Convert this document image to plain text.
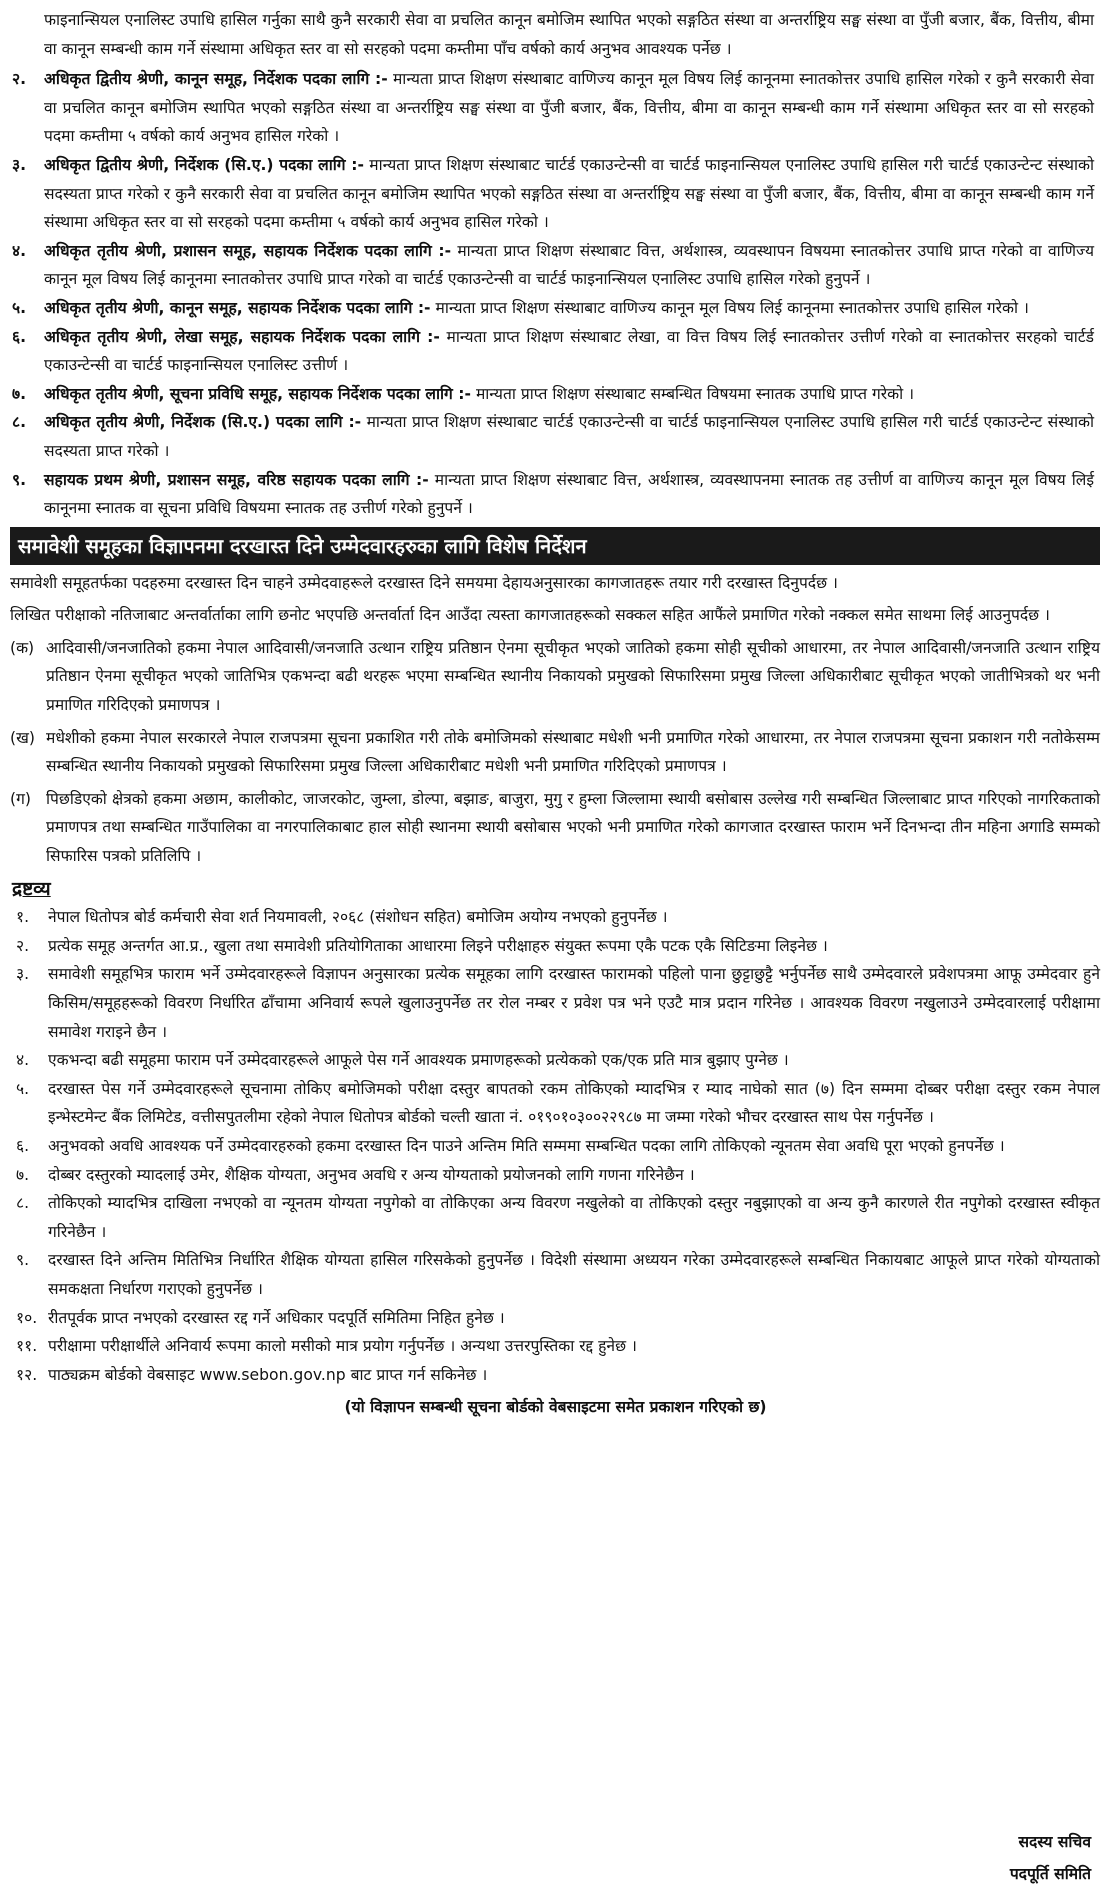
फाइनान्सियल एनालिस्ट उपाधि हासिल गर्नुका साथै कुनै सरकारी सेवा वा प्रचलित कानून बमोजिम स्थापित भएको सङ्गठित संस्था वा अन्तर्राष्ट्रिय सङ्घ संस्था वा पुँजी बजार, बैंक, वित्तीय, बीमा वा कानून सम्बन्धी काम गर्ने संस्थामा अधिकृत स्तर वा सो सरहको पदमा कम्तीमा पाँच वर्षको कार्य अनुभव आवश्यक पर्नेछ ।
२.	अधिकृत द्वितीय श्रेणी, कानून समूह, निर्देशक पदका लागि :- मान्यता प्राप्त शिक्षण संस्थाबाट वाणिज्य कानून मूल विषय लिई कानूनमा स्नातकोत्तर उपाधि हासिल गरेको र कुनै सरकारी सेवा वा प्रचलित कानून बमोजिम स्थापित भएको सङ्गठित संस्था वा अन्तर्राष्ट्रिय सङ्घ संस्था वा पुँजी बजार, बैंक, वित्तीय, बीमा वा कानून सम्बन्धी काम गर्ने संस्थामा अधिकृत स्तर वा सो सरहको पदमा कम्तीमा ५ वर्षको कार्य अनुभव हासिल गरेको ।
३.	अधिकृत द्वितीय श्रेणी, निर्देशक (सि.ए.) पदका लागि :- मान्यता प्राप्त शिक्षण संस्थाबाट चार्टर्ड एकाउन्टेन्सी वा चार्टर्ड फाइनान्सियल एनालिस्ट उपाधि हासिल गरी चार्टर्ड एकाउन्टेन्ट संस्थाको सदस्यता प्राप्त गरेको र कुनै सरकारी सेवा वा प्रचलित कानून बमोजिम स्थापित भएको सङ्गठित संस्था वा अन्तर्राष्ट्रिय सङ्घ संस्था वा पुँजी बजार, बैंक, वित्तीय, बीमा वा कानून सम्बन्धी काम गर्ने संस्थामा अधिकृत स्तर वा सो सरहको पदमा कम्तीमा ५ वर्षको कार्य अनुभव हासिल गरेको ।
४.	अधिकृत तृतीय श्रेणी, प्रशासन समूह, सहायक निर्देशक पदका लागि :- मान्यता प्राप्त शिक्षण संस्थाबाट वित्त, अर्थशास्त्र, व्यवस्थापन विषयमा स्नातकोत्तर उपाधि प्राप्त गरेको वा वाणिज्य कानून मूल विषय लिई कानूनमा स्नातकोत्तर उपाधि प्राप्त गरेको वा चार्टर्ड एकाउन्टेन्सी वा चार्टर्ड फाइनान्सियल एनालिस्ट उपाधि हासिल गरेको हुनुपर्ने ।
५.	अधिकृत तृतीय श्रेणी, कानून समूह, सहायक निर्देशक पदका लागि :- मान्यता प्राप्त शिक्षण संस्थाबाट वाणिज्य कानून मूल विषय लिई कानूनमा स्नातकोत्तर उपाधि हासिल गरेको ।
६.	अधिकृत तृतीय श्रेणी, लेखा समूह, सहायक निर्देशक पदका लागि :- मान्यता प्राप्त शिक्षण संस्थाबाट लेखा, वा वित्त विषय लिई स्नातकोत्तर उत्तीर्ण गरेको वा स्नातकोत्तर सरहको चार्टर्ड एकाउन्टेन्सी वा चार्टर्ड फाइनान्सियल एनालिस्ट उत्तीर्ण ।
७.	अधिकृत तृतीय श्रेणी, सूचना प्रविधि समूह, सहायक निर्देशक पदका लागि :- मान्यता प्राप्त शिक्षण संस्थाबाट सम्बन्धित विषयमा स्नातक उपाधि प्राप्त गरेको ।
८.	अधिकृत तृतीय श्रेणी, निर्देशक (सि.ए.) पदका लागि :- मान्यता प्राप्त शिक्षण संस्थाबाट चार्टर्ड एकाउन्टेन्सी वा चार्टर्ड फाइनान्सियल एनालिस्ट उपाधि हासिल गरी चार्टर्ड एकाउन्टेन्ट संस्थाको सदस्यता प्राप्त गरेको ।
९.	सहायक प्रथम श्रेणी, प्रशासन समूह, वरिष्ठ सहायक पदका लागि :- मान्यता प्राप्त शिक्षण संस्थाबाट वित्त, अर्थशास्त्र, व्यवस्थापनमा स्नातक तह उत्तीर्ण वा वाणिज्य कानून मूल विषय लिई कानूनमा स्नातक वा सूचना प्रविधि विषयमा स्नातक तह उत्तीर्ण गरेको हुनुपर्ने ।
समावेशी समूहका विज्ञापनमा दरखास्त दिने उम्मेदवारहरुका लागि विशेष निर्देशन
समावेशी समूहतर्फका पदहरुमा दरखास्त दिन चाहने उम्मेदवाहरूले दरखास्त दिने समयमा देहायअनुसारका कागजातहरू तयार गरी दरखास्त दिनुपर्दछ ।
लिखित परीक्षाको नतिजाबाट अन्तर्वार्ताका लागि छनोट भएपछि अन्तर्वार्ता दिन आउँदा त्यस्ता कागजातहरूको सक्कल सहित आफैंले प्रमाणित गरेको नक्कल समेत साथमा लिई आउनुपर्दछ ।
(क) आदिवासी/जनजातिको हकमा नेपाल आदिवासी/जनजाति उत्थान राष्ट्रिय प्रतिष्ठान ऐनमा सूचीकृत भएको जातिको हकमा सोही सूचीको आधारमा, तर नेपाल आदिवासी/जनजाति उत्थान राष्ट्रिय प्रतिष्ठान ऐनमा सूचीकृत भएको जातिभित्र एकभन्दा बढी थरहरू भएमा सम्बन्धित स्थानीय निकायको प्रमुखको सिफारिसमा प्रमुख जिल्ला अधिकारीबाट सूचीकृत भएको जातीभित्रको थर भनी प्रमाणित गरिदिएको प्रमाणपत्र ।
(ख) मधेशीको हकमा नेपाल सरकारले नेपाल राजपत्रमा सूचना प्रकाशित गरी तोके बमोजिमको संस्थाबाट मधेशी भनी प्रमाणित गरेको आधारमा, तर नेपाल राजपत्रमा सूचना प्रकाशन गरी नतोकेसम्म सम्बन्धित स्थानीय निकायको प्रमुखको सिफारिसमा प्रमुख जिल्ला अधिकारीबाट मधेशी भनी प्रमाणित गरिदिएको प्रमाणपत्र ।
(ग) पिछडिएको क्षेत्रको हकमा अछाम, कालीकोट, जाजरकोट, जुम्ला, डोल्पा, बझाङ, बाजुरा, मुगु र हुम्ला जिल्लामा स्थायी बसोबास उल्लेख गरी सम्बन्धित जिल्लाबाट प्राप्त गरिएको नागरिकताको प्रमाणपत्र तथा सम्बन्धित गाउँपालिका वा नगरपालिकाबाट हाल सोही स्थानमा स्थायी बसोबास भएको भनी प्रमाणित गरेको कागजात दरखास्त फाराम भर्ने दिनभन्दा तीन महिना अगाडि सम्मको सिफारिस पत्रको प्रतिलिपि ।
द्रष्टव्य
१.	नेपाल धितोपत्र बोर्ड कर्मचारी सेवा शर्त नियमावली, २०६८ (संशोधन सहित) बमोजिम अयोग्य नभएको हुनुपर्नेछ ।
२.	प्रत्येक समूह अन्तर्गत आ.प्र., खुला तथा समावेशी प्रतियोगिताका आधारमा लिइने परीक्षाहरु संयुक्त रूपमा एकै पटक एकै सिटिङमा लिइनेछ ।
३.	समावेशी समूहभित्र फाराम भर्ने उम्मेदवारहरूले विज्ञापन अनुसारका प्रत्येक समूहका लागि दरखास्त फारामको पहिलो पाना छुट्टाछुट्टै भर्नुपर्नेछ साथै उम्मेदवारले प्रवेशपत्रमा आफू उम्मेदवार हुने किसिम/समूहहरूको विवरण निर्धारित ढाँचामा अनिवार्य रूपले खुलाउनुपर्नेछ तर रोल नम्बर र प्रवेश पत्र भने एउटै मात्र प्रदान गरिनेछ । आवश्यक विवरण नखुलाउने उम्मेदवारलाई परीक्षामा समावेश गराइने छैन ।
४.	एकभन्दा बढी समूहमा फाराम पर्ने उम्मेदवारहरूले आफूले पेस गर्ने आवश्यक प्रमाणहरूको प्रत्येकको एक/एक प्रति मात्र बुझाए पुग्नेछ ।
५.	दरखास्त पेस गर्ने उम्मेदवारहरूले सूचनामा तोकिए बमोजिमको परीक्षा दस्तुर बापतको रकम तोकिएको म्यादभित्र र म्याद नाघेको सात (७) दिन सम्ममा दोब्बर परीक्षा दस्तुर रकम नेपाल इन्भेस्टमेन्ट बैंक लिमिटेड, वत्तीसपुतलीमा रहेको नेपाल धितोपत्र बोर्डको चल्ती खाता नं. ०१९०१०३००२२९८७ मा जम्मा गरेको भौचर दरखास्त साथ पेस गर्नुपर्नेछ ।
६.	अनुभवको अवधि आवश्यक पर्ने उम्मेदवारहरुको हकमा दरखास्त दिन पाउने अन्तिम मिति सम्ममा सम्बन्धित पदका लागि तोकिएको न्यूनतम सेवा अवधि पूरा भएको हुनपर्नेछ ।
७.	दोब्बर दस्तुरको म्यादलाई उमेर, शैक्षिक योग्यता, अनुभव अवधि र अन्य योग्यताको प्रयोजनको लागि गणना गरिनेछैन ।
८.	तोकिएको म्यादभित्र दाखिला नभएको वा न्यूनतम योग्यता नपुगेको वा तोकिएका अन्य विवरण नखुलेको वा तोकिएको दस्तुर नबुझाएको वा अन्य कुनै कारणले रीत नपुगेको दरखास्त स्वीकृत गरिनेछैन ।
९.	दरखास्त दिने अन्तिम मितिभित्र निर्धारित शैक्षिक योग्यता हासिल गरिसकेको हुनुपर्नेछ । विदेशी संस्थामा अध्ययन गरेका उम्मेदवारहरूले सम्बन्धित निकायबाट आफूले प्राप्त गरेको योग्यताको समकक्षता निर्धारण गराएको हुनुपर्नेछ ।
१०. रीतपूर्वक प्राप्त नभएको दरखास्त रद्द गर्ने अधिकार पदपूर्ति समितिमा निहित हुनेछ ।
११. परीक्षामा परीक्षार्थीले अनिवार्य रूपमा कालो मसीको मात्र प्रयोग गर्नुपर्नेछ । अन्यथा उत्तरपुस्तिका रद्द हुनेछ ।
१२. पाठ्यक्रम बोर्डको वेबसाइट www.sebon.gov.np बाट प्राप्त गर्न सकिनेछ ।
(यो विज्ञापन सम्बन्धी सूचना बोर्डको वेबसाइटमा समेत प्रकाशन गरिएको छ)
सदस्य सचिव
पदपूर्ति समिति
